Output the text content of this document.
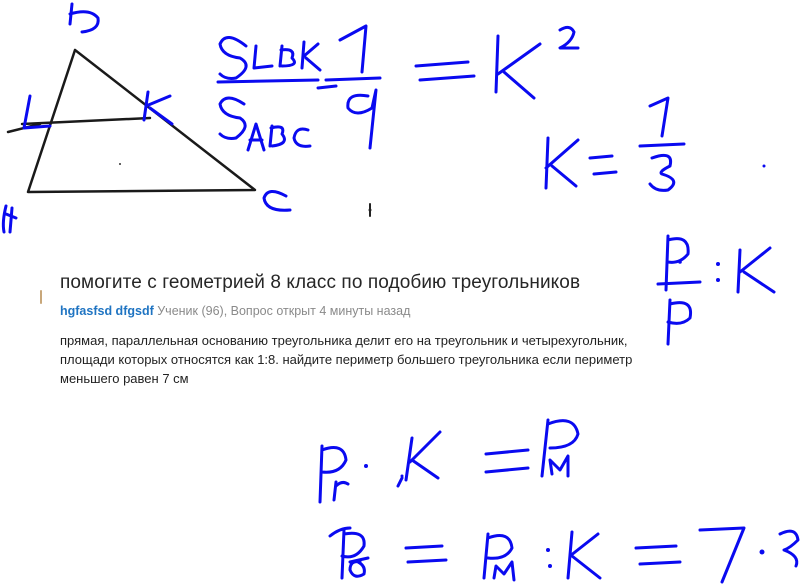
помогите с геометрией 8 класс по подобию треугольников
hgfasfsd dfgsdf Ученик (96), Вопрос открыт 4 минуты назад
прямая, параллельная основанию треугольника делит его на треугольник и четырехугольник, площади которых относятся как 1:8. найдите периметр большего треугольника если периметр меньшего равен 7 см
